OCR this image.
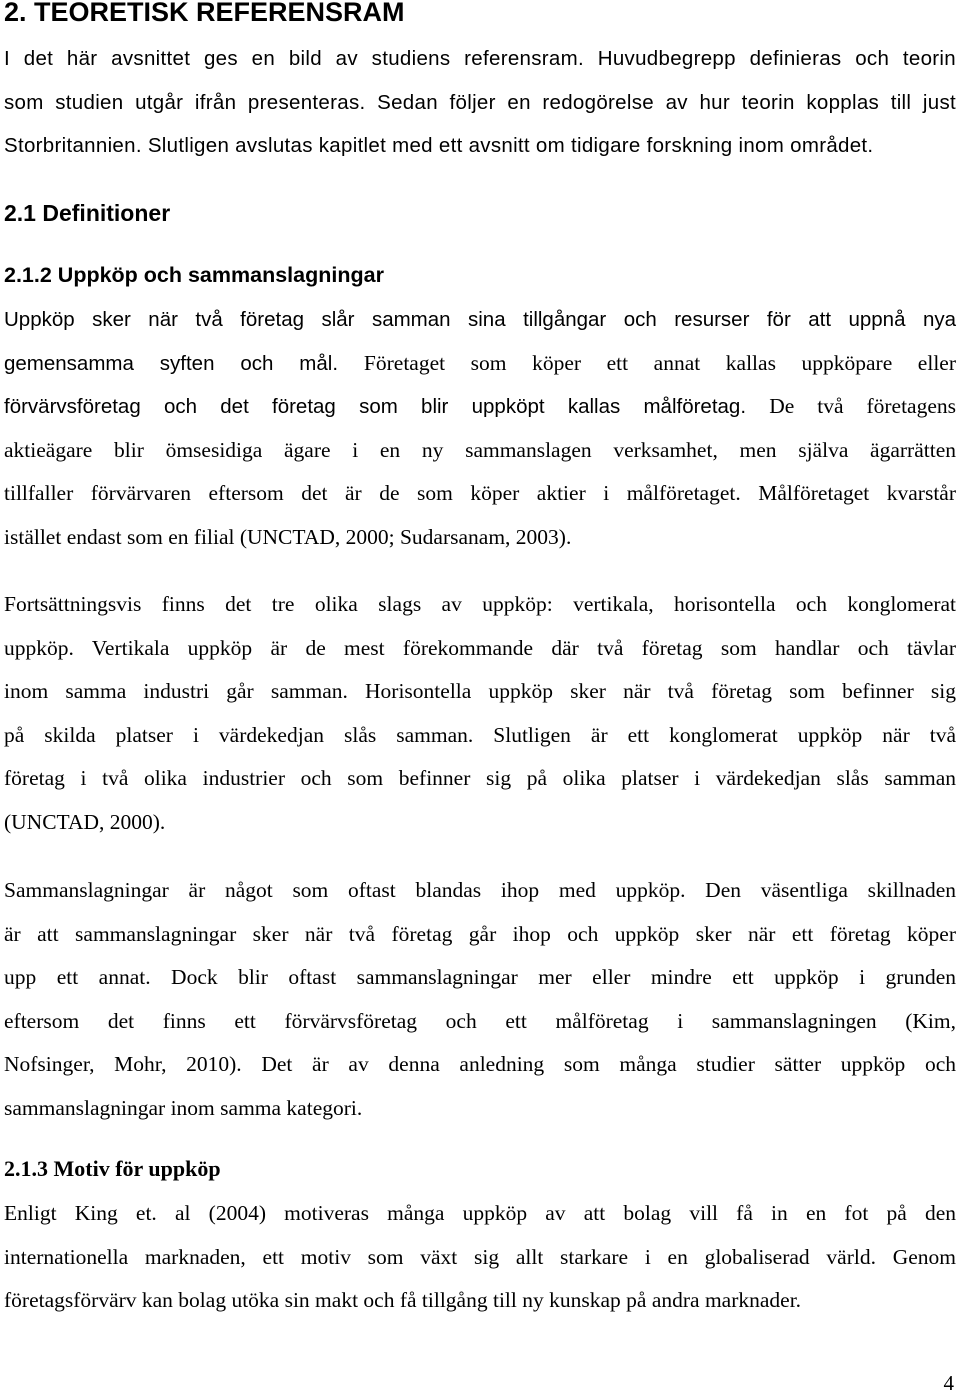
2. TEORETISK REFERENSRAM
I det här avsnittet ges en bild av studiens referensram. Huvudbegrepp definieras och teorin
som studien utgår ifrån presenteras. Sedan följer en redogörelse av hur teorin kopplas till just
Storbritannien. Slutligen avslutas kapitlet med ett avsnitt om tidigare forskning inom området.
2.1 Definitioner
2.1.2 Uppköp och sammanslagningar
Uppköp sker när två företag slår samman sina tillgångar och resurser för att uppnå nya
gemensamma syften och mål. Företaget som köper ett annat kallas uppköpare eller
förvärvsföretag och det företag som blir uppköpt kallas målföretag. De två företagens
aktieägare blir ömsesidiga ägare i en ny sammanslagen verksamhet, men själva ägarrätten
tillfaller förvärvaren eftersom det är de som köper aktier i målföretaget. Målföretaget kvarstår
istället endast som en filial (UNCTAD, 2000; Sudarsanam, 2003).
Fortsättningsvis finns det tre olika slags av uppköp: vertikala, horisontella och konglomerat
uppköp. Vertikala uppköp är de mest förekommande där två företag som handlar och tävlar
inom samma industri går samman. Horisontella uppköp sker när två företag som befinner sig
på skilda platser i värdekedjan slås samman. Slutligen är ett konglomerat uppköp när två
företag i två olika industrier och som befinner sig på olika platser i värdekedjan slås samman
(UNCTAD, 2000).
Sammanslagningar är något som oftast blandas ihop med uppköp. Den väsentliga skillnaden
är att sammanslagningar sker när två företag går ihop och uppköp sker när ett företag köper
upp ett annat. Dock blir oftast sammanslagningar mer eller mindre ett uppköp i grunden
eftersom det finns ett förvärvsföretag och ett målföretag i sammanslagningen (Kim,
Nofsinger, Mohr, 2010). Det är av denna anledning som många studier sätter uppköp och
sammanslagningar inom samma kategori.
2.1.3 Motiv för uppköp
Enligt King et. al (2004) motiveras många uppköp av att bolag vill få in en fot på den
internationella marknaden, ett motiv som växt sig allt starkare i en globaliserad värld. Genom
företagsförvärv kan bolag utöka sin makt och få tillgång till ny kunskap på andra marknader.
4
